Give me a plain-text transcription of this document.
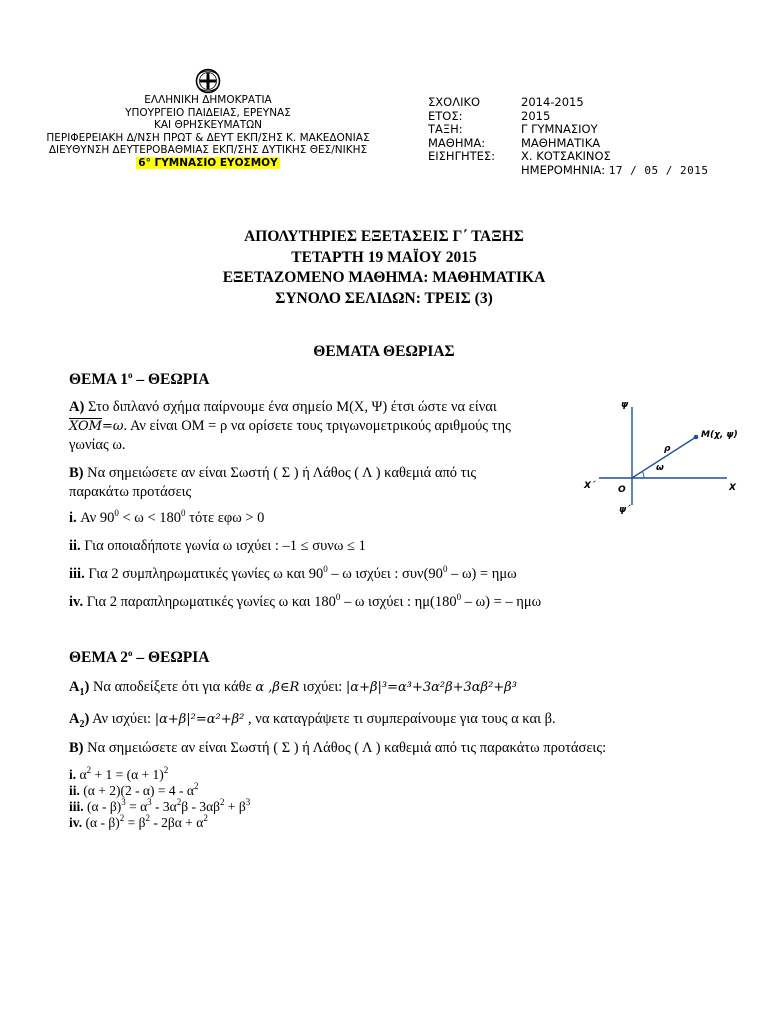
ΕΛΛΗΝΙΚΗ ΔΗΜΟΚΡΑΤΙΑ
ΥΠΟΥΡΓΕΙΟ ΠΑΙΔΕΙΑΣ, ΕΡΕΥΝΑΣ
ΚΑΙ ΘΡΗΣΚΕΥΜΑΤΩΝ
ΠΕΡΙΦΕΡΕΙΑΚΗ Δ/ΝΣΗ ΠΡΩΤ & ΔΕΥΤ ΕΚΠ/ΣΗΣ Κ. ΜΑΚΕΔΟΝΙΑΣ
ΔΙΕΥΘΥΝΣΗ ΔΕΥΤΕΡΟΒΑΘΜΙΑΣ ΕΚΠ/ΣΗΣ ΔΥΤΙΚΗΣ ΘΕΣ/ΝΙΚΗΣ
6° ΓΥΜΝΑΣΙΟ ΕΥΟΣΜΟΥ
ΣΧΟΛΙΚΟ	2014-2015
ΕΤΟΣ:	2015
ΤΑΞΗ:	Γ ΓΥΜΝΑΣΙΟΥ
ΜΑΘΗΜΑ:	ΜΑΘΗΜΑΤΙΚΑ
ΕΙΣΗΓΗΤΕΣ:	Χ. ΚΟΤΣΑΚΙΝΟΣ
ΗΜΕΡΟΜΗΝΙΑ:
17 / 05 / 2015
ΑΠΟΛΥΤΗΡΙΕΣ ΕΞΕΤΑΣΕΙΣ Γ΄ ΤΑΞΗΣ
ΤΕΤΑΡΤΗ 19 ΜΑΪΟΥ 2015
ΕΞΕΤΑΖΟΜΕΝΟ ΜΑΘΗΜΑ: ΜΑΘΗΜΑΤΙΚΑ
ΣΥΝΟΛΟ ΣΕΛΙΔΩΝ: ΤΡΕΙΣ (3)
ΘΕΜΑΤΑ ΘΕΩΡΙΑΣ
ΘΕΜΑ $1^o$ – ΘΕΩΡΙΑ
Α) Στο διπλανό σχήμα παίρνουμε ένα σημείο Μ(Χ, Ψ) έτσι ώστε να είναι
$\overline{XOM}=\omega$. Αν είναι ΟΜ = ρ να ορίσετε τους τριγωνομετρικούς αριθμούς της
γωνίας ω.
Β) Να σημειώσετε αν είναι Σωστή ( Σ ) ή Λάθος ( Λ ) καθεμιά από τις παρακάτω προτάσεις
i. Αν $90^0 < \omega < 180^0$ τότε εφω > 0
ii. Για οποιαδήποτε γωνία ω ισχύει : –1 ≤ συνω ≤ 1
iii. Για 2 συμπληρωματικές γωνίες ω και $90^0$ – ω ισχύει : $\sigma\upsilon\nu(90^0 - \omega) = \eta\mu\omega$
iv. Για 2 παραπληρωματικές γωνίες ω και $180^0$ – ω ισχύει : $\eta\mu(180^0 - \omega)$ = – ημω
ψ
ψ΄
X
X΄	O
M(χ, ψ)
ρ
ω
ΘΕΜΑ $2^o$ – ΘΕΩΡΙΑ
$A_1$) Να αποδείξετε ότι για κάθε α ,β∈R ισχύει: |α+β|³=α³+3α²β+3αβ²+β³
$A_2$) Αν ισχύει: |α+β|²=α²+β² , να καταγράψετε τι συμπεραίνουμε για τους α και β.
Β) Να σημειώσετε αν είναι Σωστή ( Σ ) ή Λάθος ( Λ ) καθεμιά από τις παρακάτω προτάσεις:
i. $\alpha^2 + 1 = (\alpha + 1)^2$
ii. $(\alpha + 2)(2 - \alpha) = 4 - \alpha^2$
iii. $(\alpha - \beta)^3 = \alpha^3 - 3\alpha^2\beta - 3\alpha\beta^2 + \beta^3$
iv. $(\alpha - \beta)^2 = \beta^2 - 2\beta\alpha + \alpha^2$
